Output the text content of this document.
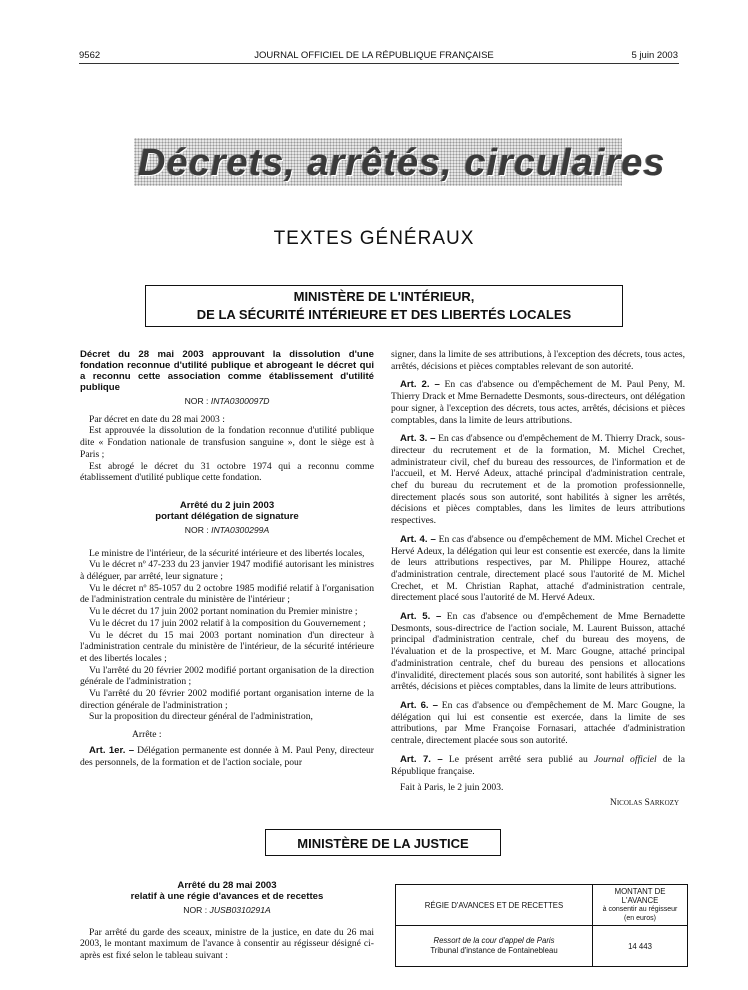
9562	JOURNAL OFFICIEL DE LA RÉPUBLIQUE FRANÇAISE	5 juin 2003
Décrets, arrêtés, circulaires
TEXTES GÉNÉRAUX
MINISTÈRE DE L'INTÉRIEUR,
DE LA SÉCURITÉ INTÉRIEURE ET DES LIBERTÉS LOCALES
Décret du 28 mai 2003 approuvant la dissolution d'une fondation reconnue d'utilité publique et abrogeant le décret qui a reconnu cette association comme établissement d'utilité publique
NOR : INTA0300097D

Par décret en date du 28 mai 2003 :

Est approuvée la dissolution de la fondation reconnue d'utilité publique dite « Fondation nationale de transfusion sanguine », dont le siège est à Paris ;

Est abrogé le décret du 31 octobre 1974 qui a reconnu comme établissement d'utilité publique cette fondation.

Arrêté du 2 juin 2003
portant délégation de signature
NOR : INTA0300299A

Le ministre de l'intérieur, de la sécurité intérieure et des libertés locales,

Vu le décret nº 47-233 du 23 janvier 1947 modifié autorisant les ministres à déléguer, par arrêté, leur signature ;

Vu le décret nº 85-1057 du 2 octobre 1985 modifié relatif à l'organisation de l'administration centrale du ministère de l'intérieur ;

Vu le décret du 17 juin 2002 portant nomination du Premier ministre ;

Vu le décret du 17 juin 2002 relatif à la composition du Gouvernement ;

Vu le décret du 15 mai 2003 portant nomination d'un directeur à l'administration centrale du ministère de l'intérieur, de la sécurité intérieure et des libertés locales ;

Vu l'arrêté du 20 février 2002 modifié portant organisation de la direction générale de l'administration ;

Vu l'arrêté du 20 février 2002 modifié portant organisation interne de la direction générale de l'administration ;

Sur la proposition du directeur général de l'administration,

Arrête :

Art. 1er. – Délégation permanente est donnée à M. Paul Peny, directeur des personnels, de la formation et de l'action sociale, pour

signer, dans la limite de ses attributions, à l'exception des décrets, tous actes, arrêtés, décisions et pièces comptables relevant de son autorité.

Art. 2. – En cas d'absence ou d'empêchement de M. Paul Peny, M. Thierry Drack et Mme Bernadette Desmonts, sous-directeurs, ont délégation pour signer, à l'exception des décrets, tous actes, arrêtés, décisions et pièces comptables, dans la limite de leurs attributions.

Art. 3. – En cas d'absence ou d'empêchement de M. Thierry Drack, sous-directeur du recrutement et de la formation, M. Michel Crechet, administrateur civil, chef du bureau des ressources, de l'information et de l'accueil, et M. Hervé Adeux, attaché principal d'administration centrale, chef du bureau du recrutement et de la promotion professionnelle, directement placés sous son autorité, sont habilités à signer les arrêtés, décisions et pièces comptables, dans les limites de leurs attributions respectives.

Art. 4. – En cas d'absence ou d'empêchement de MM. Michel Crechet et Hervé Adeux, la délégation qui leur est consentie est exercée, dans la limite de leurs attributions respectives, par M. Philippe Hourez, attaché d'administration centrale, directement placé sous l'autorité de M. Michel Crechet, et M. Christian Raphat, attaché d'administration centrale, directement placé sous l'autorité de M. Hervé Adeux.

Art. 5. – En cas d'absence ou d'empêchement de Mme Bernadette Desmonts, sous-directrice de l'action sociale, M. Laurent Buisson, attaché principal d'administration centrale, chef du bureau des moyens, de l'évaluation et de la prospective, et M. Marc Gougne, attaché principal d'administration centrale, chef du bureau des pensions et allocations d'invalidité, directement placés sous son autorité, sont habilités à signer les arrêtés, décisions et pièces comptables, dans la limite de leurs attributions.

Art. 6. – En cas d'absence ou d'empêchement de M. Marc Gougne, la délégation qui lui est consentie est exercée, dans la limite de ses attributions, par Mme Françoise Fornasari, attachée d'administration centrale, directement placée sous son autorité.

Art. 7. – Le présent arrêté sera publié au Journal officiel de la République française.

Fait à Paris, le 2 juin 2003.

Nicolas Sarkozy
MINISTÈRE DE LA JUSTICE
Arrêté du 28 mai 2003
relatif à une régie d'avances et de recettes
NOR : JUSB0310291A

Par arrêté du garde des sceaux, ministre de la justice, en date du 26 mai 2003, le montant maximum de l'avance à consentir au régisseur désigné ci-après est fixé selon le tableau suivant :

RÉGIE D'AVANCES ET DE RECETTES	MONTANT DE L'AVANCE
à consentir au régisseur
(en euros)

Ressort de la cour d'appel de Paris
Tribunal d'instance de Fontainebleau	14 443
